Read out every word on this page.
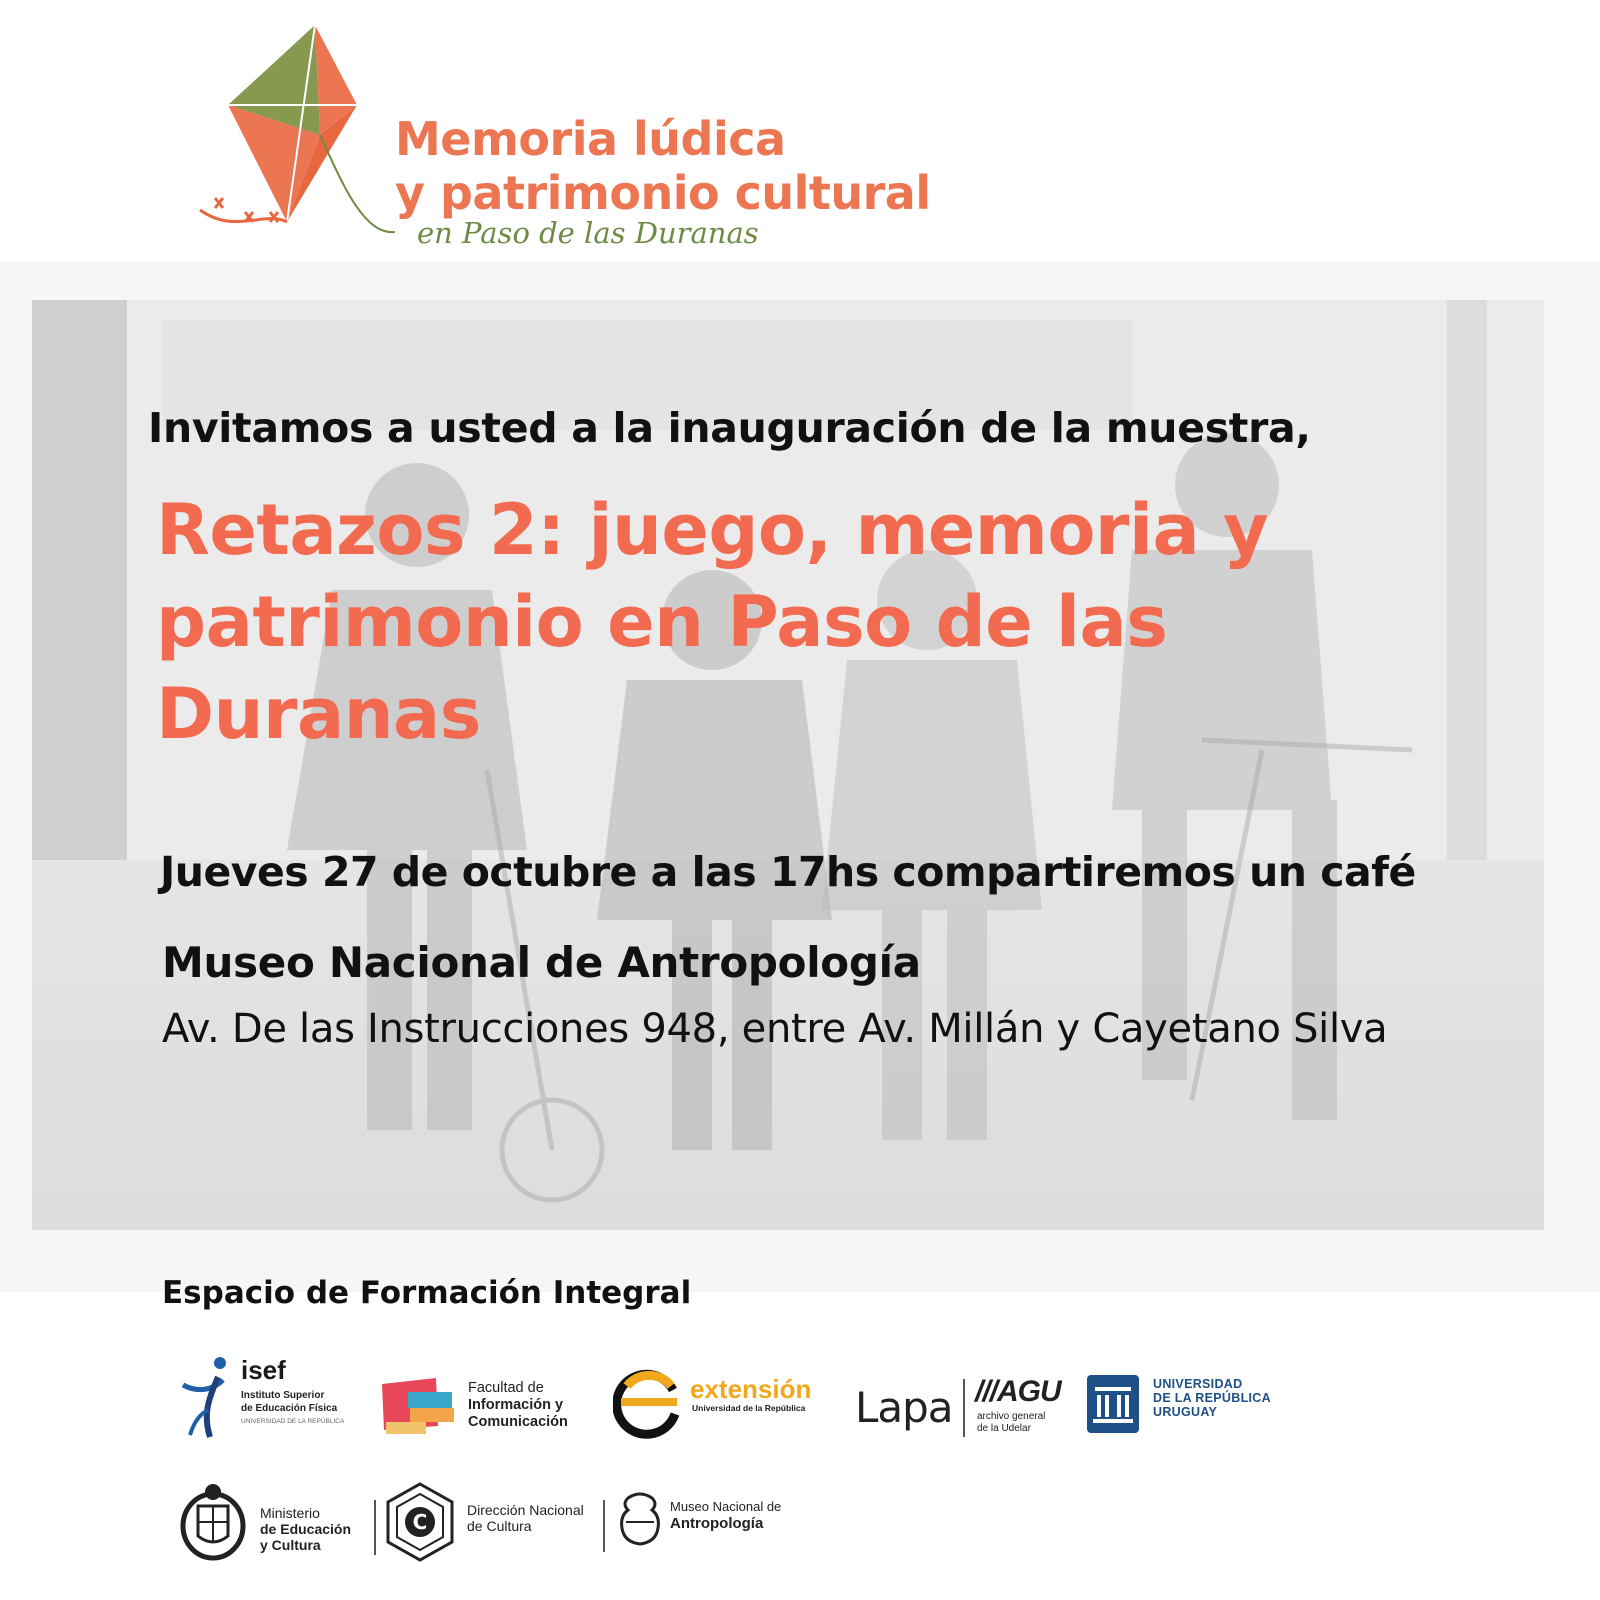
Memoria lúdica
y patrimonio cultural
en Paso de las Duranas
Invitamos a usted a la inauguración de la muestra,
Retazos 2: juego, memoria y patrimonio en Paso de las Duranas
Jueves 27 de octubre a las 17hs compartiremos un café
Museo Nacional de Antropología
Av. De las Instrucciones 948, entre Av. Millán y Cayetano Silva
Espacio de Formación Integral
isef
Instituto Superior
de Educación Física
UNIVERSIDAD DE LA REPÚBLICA
Facultad de
Información y
Comunicación
extensión
Universidad de la República Lapa ///AGU
archivo general
de la Udelar
UNIVERSIDAD
DE LA REPÚBLICA
URUGUAY
Ministerio
de Educación
y Cultura
C	Dirección Nacional
de Cultura
Museo Nacional de
Antropología
